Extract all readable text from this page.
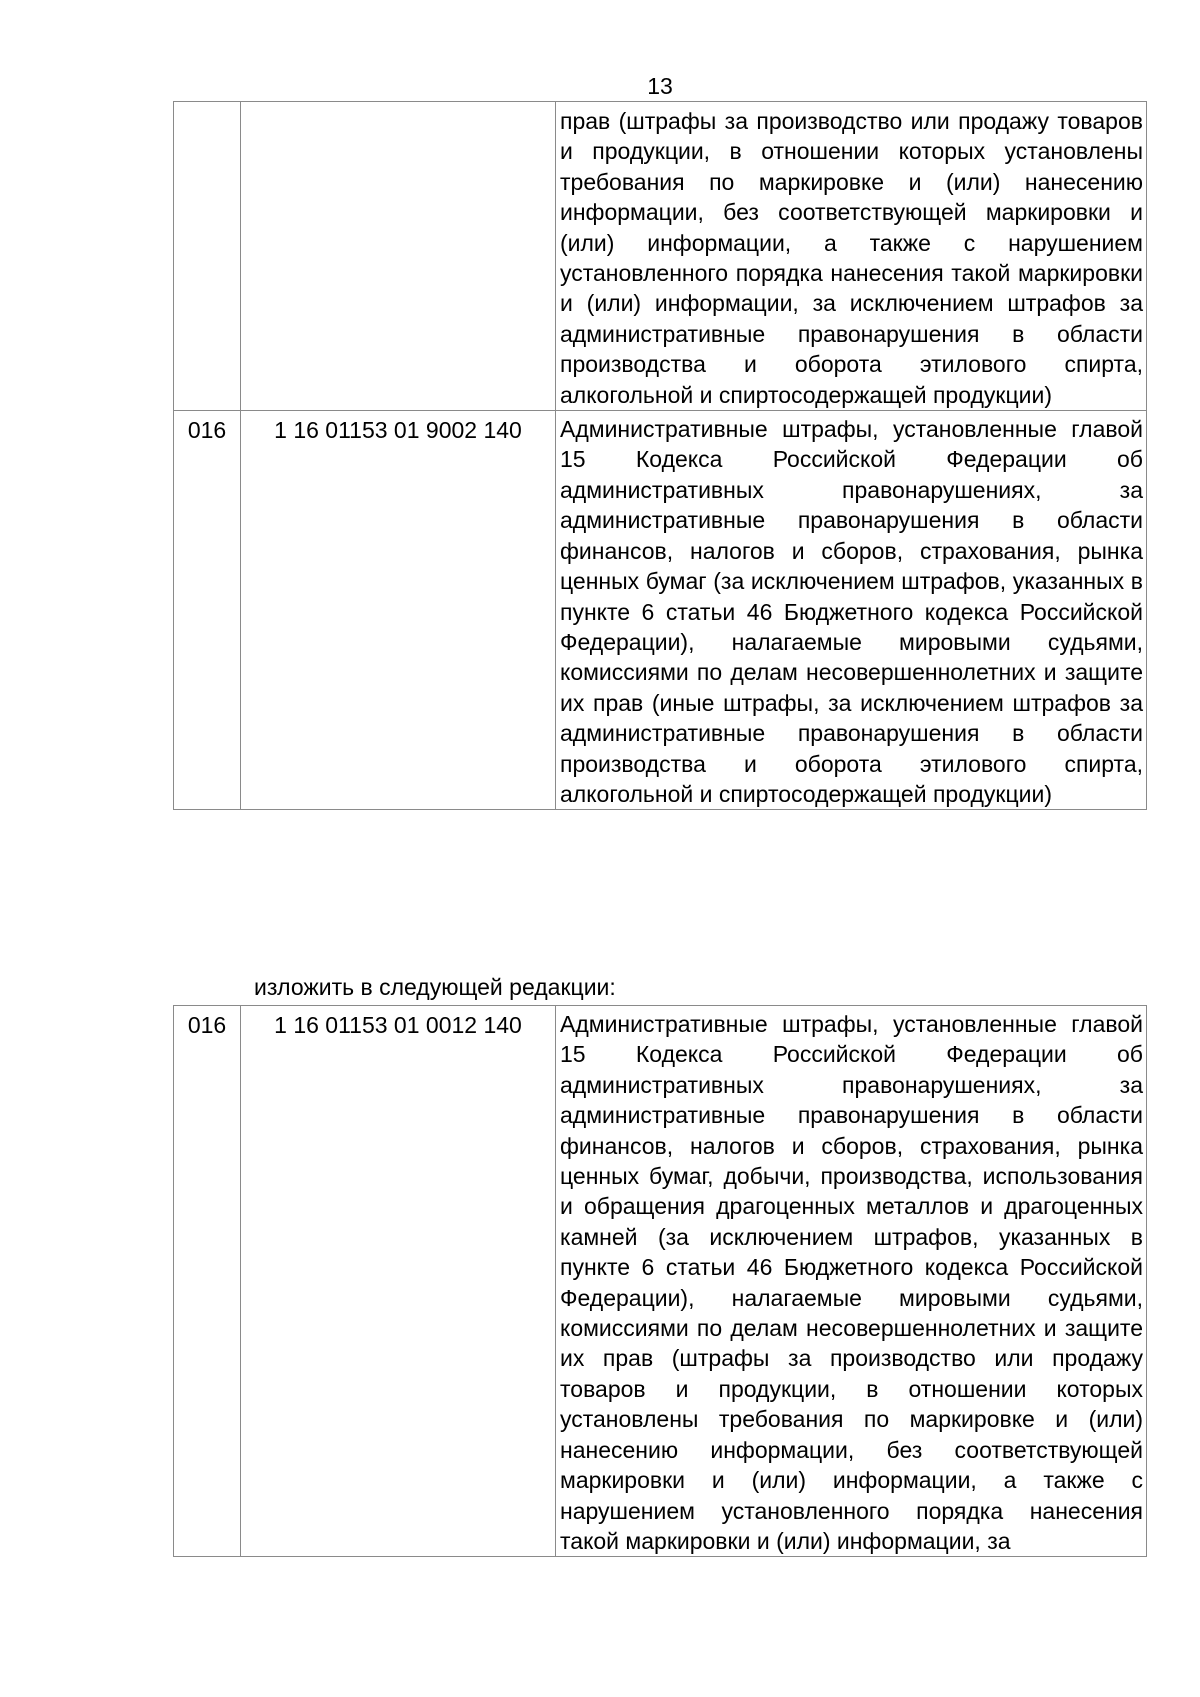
13
		прав (штрафы за производство или продажу товаров и продукции, в отношении которых установлены требования по маркировке и (или) нанесению информации, без соответствующей маркировки и (или) информации, а также с нарушением установленного порядка нанесения такой маркировки и (или) информации, за исключением штрафов за административные правонарушения в области производства и оборота этилового спирта, алкогольной и спиртосодержащей продукции)
016	1 16 01153 01 9002 140	Административные штрафы, установленные главой 15 Кодекса Российской Федерации об административных правонарушениях, за административные правонарушения в области финансов, налогов и сборов, страхования, рынка ценных бумаг (за исключением штрафов, указанных в пункте 6 статьи 46 Бюджетного кодекса Российской Федерации), налагаемые мировыми судьями, комиссиями по делам несовершеннолетних и защите их прав (иные штрафы, за исключением штрафов за административные правонарушения в области производства и оборота этилового спирта, алкогольной и спиртосодержащей продукции)
изложить в следующей редакции:
016	1 16 01153 01 0012 140	Административные штрафы, установленные главой 15 Кодекса Российской Федерации об административных правонарушениях, за административные правонарушения в области финансов, налогов и сборов, страхования, рынка ценных бумаг, добычи, производства, использования и обращения драгоценных металлов и драгоценных камней (за исключением штрафов, указанных в пункте 6 статьи 46 Бюджетного кодекса Российской Федерации), налагаемые мировыми судьями, комиссиями по делам несовершеннолетних и защите их прав (штрафы за производство или продажу товаров и продукции, в отношении которых установлены требования по маркировке и (или) нанесению информации, без соответствующей маркировки и (или) информации, а также с нарушением установленного порядка нанесения такой маркировки и (или) информации, за
